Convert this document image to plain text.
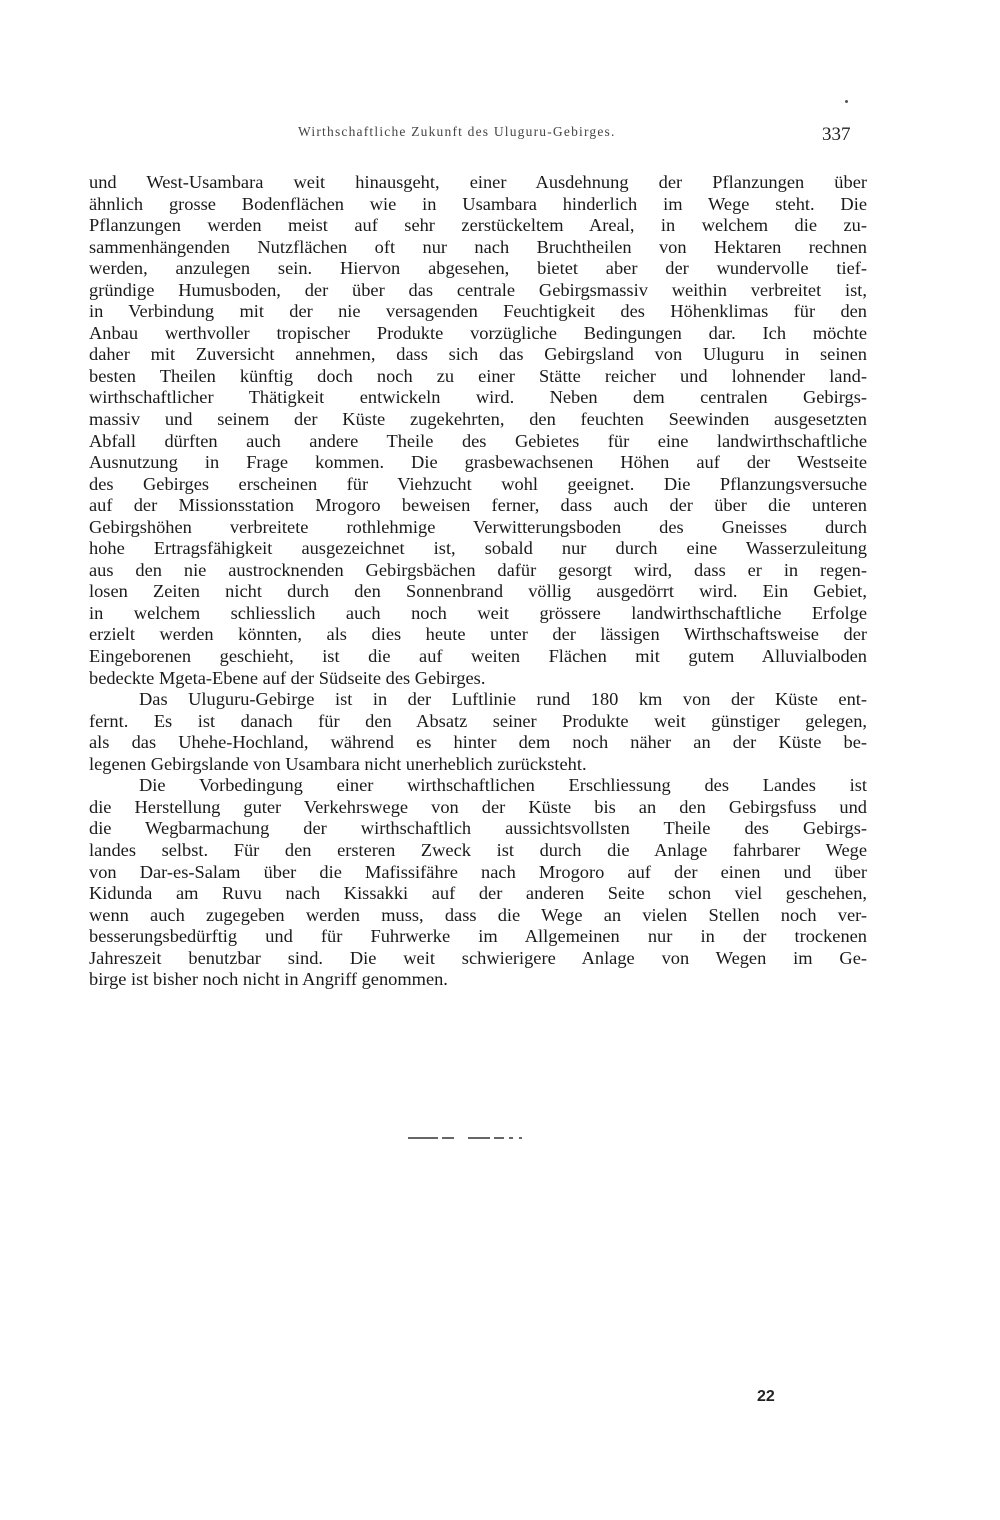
Wirthschaftliche Zukunft des Uluguru-Gebirges.	337
und West-Usambara weit hinausgeht, einer Ausdehnung der Pflanzungen über
ähnlich grosse Bodenflächen wie in Usambara hinderlich im Wege steht. Die
Pflanzungen werden meist auf sehr zerstückeltem Areal, in welchem die zu-
sammenhängenden Nutzflächen oft nur nach Bruchtheilen von Hektaren rechnen
werden, anzulegen sein. Hiervon abgesehen, bietet aber der wundervolle tief-
gründige Humusboden, der über das centrale Gebirgsmassiv weithin verbreitet ist,
in Verbindung mit der nie versagenden Feuchtigkeit des Höhenklimas für den
Anbau werthvoller tropischer Produkte vorzügliche Bedingungen dar. Ich möchte
daher mit Zuversicht annehmen, dass sich das Gebirgsland von Uluguru in seinen
besten Theilen künftig doch noch zu einer Stätte reicher und lohnender land-
wirthschaftlicher Thätigkeit entwickeln wird. Neben dem centralen Gebirgs-
massiv und seinem der Küste zugekehrten, den feuchten Seewinden ausgesetzten
Abfall dürften auch andere Theile des Gebietes für eine landwirthschaftliche
Ausnutzung in Frage kommen. Die grasbewachsenen Höhen auf der Westseite
des Gebirges erscheinen für Viehzucht wohl geeignet. Die Pflanzungsversuche
auf der Missionsstation Mrogoro beweisen ferner, dass auch der über die unteren
Gebirgshöhen verbreitete rothlehmige Verwitterungsboden des Gneisses durch
hohe Ertragsfähigkeit ausgezeichnet ist, sobald nur durch eine Wasserzuleitung
aus den nie austrocknenden Gebirgsbächen dafür gesorgt wird, dass er in regen-
losen Zeiten nicht durch den Sonnenbrand völlig ausgedörrt wird. Ein Gebiet,
in welchem schliesslich auch noch weit grössere landwirthschaftliche Erfolge
erzielt werden könnten, als dies heute unter der lässigen Wirthschaftsweise der
Eingeborenen geschieht, ist die auf weiten Flächen mit gutem Alluvialboden
bedeckte Mgeta-Ebene auf der Südseite des Gebirges.
Das Uluguru-Gebirge ist in der Luftlinie rund 180 km von der Küste ent-
fernt. Es ist danach für den Absatz seiner Produkte weit günstiger gelegen,
als das Uhehe-Hochland, während es hinter dem noch näher an der Küste be-
legenen Gebirgslande von Usambara nicht unerheblich zurücksteht.
Die Vorbedingung einer wirthschaftlichen Erschliessung des Landes ist
die Herstellung guter Verkehrswege von der Küste bis an den Gebirgsfuss und
die Wegbarmachung der wirthschaftlich aussichtsvollsten Theile des Gebirgs-
landes selbst. Für den ersteren Zweck ist durch die Anlage fahrbarer Wege
von Dar-es-Salam über die Mafissifähre nach Mrogoro auf der einen und über
Kidunda am Ruvu nach Kissakki auf der anderen Seite schon viel geschehen,
wenn auch zugegeben werden muss, dass die Wege an vielen Stellen noch ver-
besserungsbedürftig und für Fuhrwerke im Allgemeinen nur in der trockenen
Jahreszeit benutzbar sind. Die weit schwierigere Anlage von Wegen im Ge-
birge ist bisher noch nicht in Angriff genommen.
22
